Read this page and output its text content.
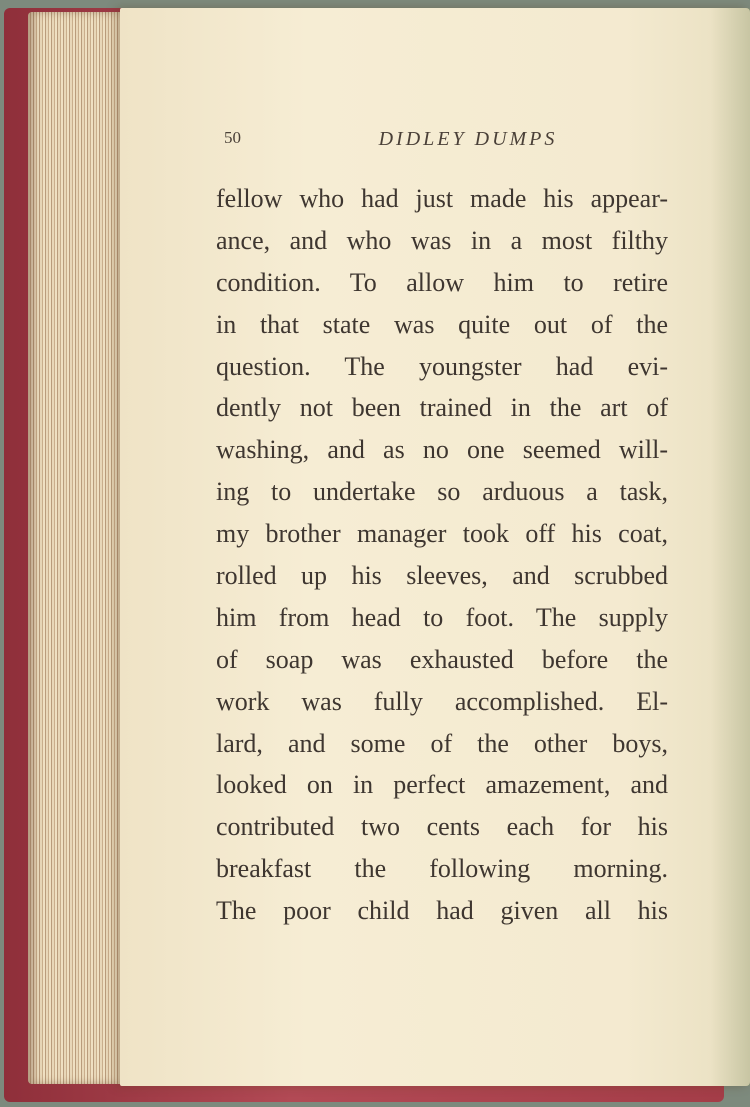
50	DIDLEY DUMPS
fellow who had just made his appear-
ance, and who was in a most filthy
condition. To allow him to retire
in that state was quite out of the
question. The youngster had evi-
dently not been trained in the art of
washing, and as no one seemed will-
ing to undertake so arduous a task,
my brother manager took off his coat,
rolled up his sleeves, and scrubbed
him from head to foot. The supply
of soap was exhausted before the
work was fully accomplished. El-
lard, and some of the other boys,
looked on in perfect amazement, and
contributed two cents each for his
breakfast the following morning.
The poor child had given all his
